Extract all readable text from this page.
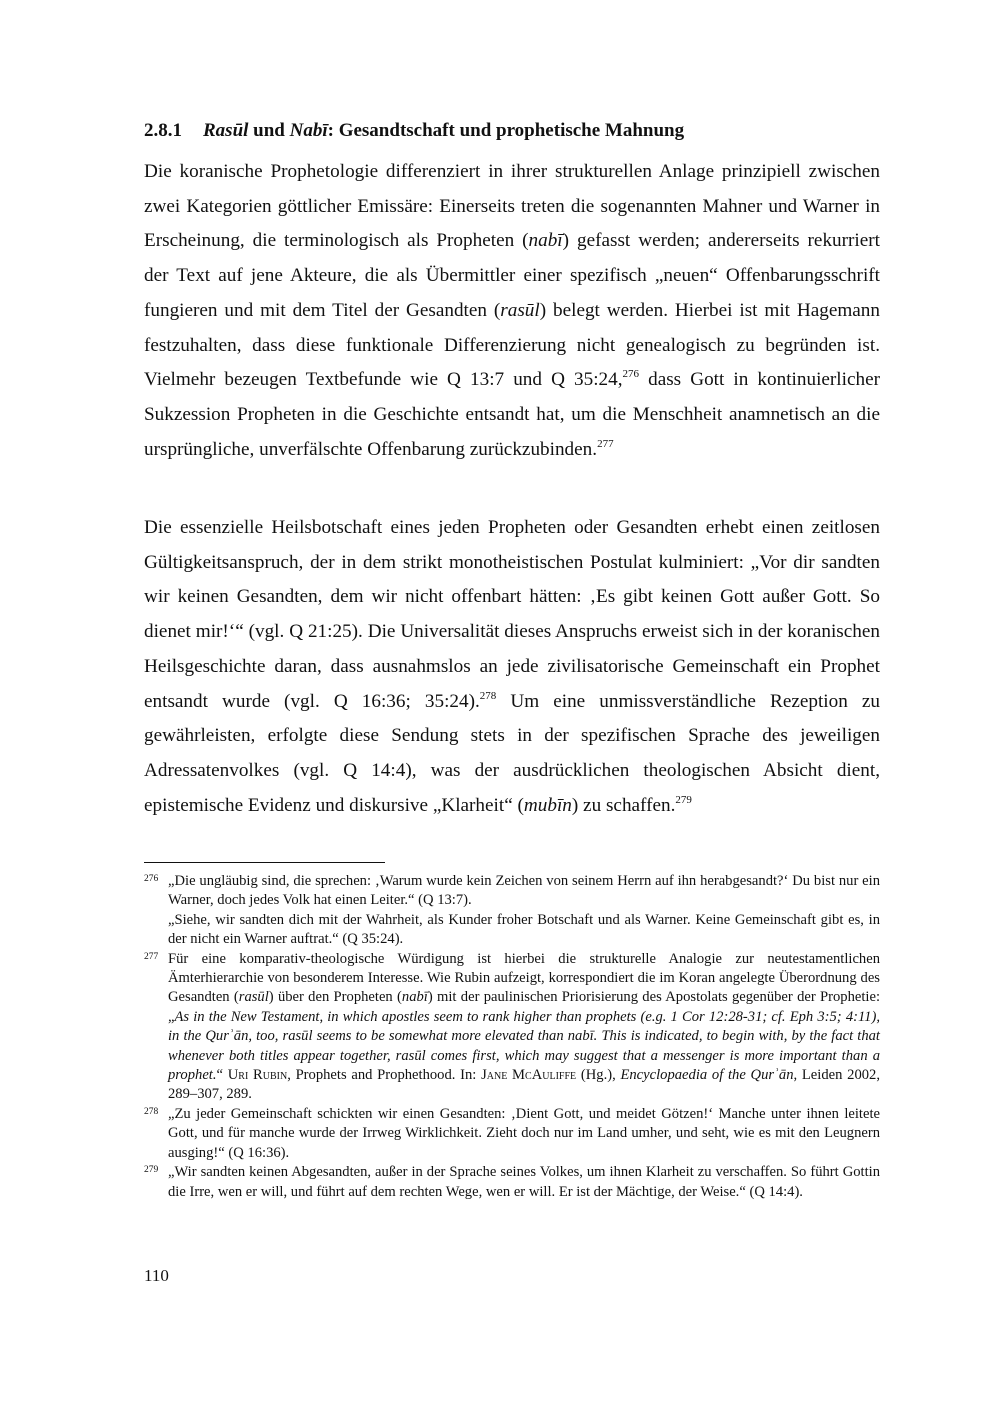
2.8.1 Rasūl und Nabī: Gesandtschaft und prophetische Mahnung

Die koranische Prophetologie differenziert in ihrer strukturellen Anlage prinzipiell zwischen zwei Kategorien göttlicher Emissäre: Einerseits treten die sogenannten Mahner und Warner in Erscheinung, die terminologisch als Propheten (nabī) gefasst werden; andererseits rekurriert der Text auf jene Akteure, die als Übermittler einer spezifisch „neuen“ Offenbarungsschrift fungieren und mit dem Titel der Gesandten (rasūl) belegt werden. Hierbei ist mit Hagemann festzuhalten, dass diese funktionale Differenzierung nicht genealogisch zu begründen ist. Vielmehr bezeugen Textbefunde wie Q 13:7 und Q 35:24,$^{276}$ dass Gott in kontinuierlicher Sukzession Propheten in die Geschichte entsandt hat, um die Menschheit anamnetisch an die ursprüngliche, unverfälschte Offenbarung zurückzubinden.$^{277}$

Die essenzielle Heilsbotschaft eines jeden Propheten oder Gesandten erhebt einen zeitlosen Gültigkeitsanspruch, der in dem strikt monotheistischen Postulat kulminiert: „Vor dir sandten wir keinen Gesandten, dem wir nicht offenbart hätten: ‚Es gibt keinen Gott außer Gott. So dienet mir!‘“ (vgl. Q 21:25). Die Universalität dieses Anspruchs erweist sich in der koranischen Heilsgeschichte daran, dass ausnahmslos an jede zivilisatorische Gemeinschaft ein Prophet entsandt wurde (vgl. Q 16:36; 35:24).$^{278}$ Um eine unmissverständliche Rezeption zu gewährleisten, erfolgte diese Sendung stets in der spezifischen Sprache des jeweiligen Adressatenvolkes (vgl. Q 14:4), was der ausdrücklichen theologischen Absicht dient, epistemische Evidenz und diskursive „Klarheit“ (mubīn) zu schaffen.$^{279}$

276 „Die ungläubig sind, die sprechen: ‚Warum wurde kein Zeichen von seinem Herrn auf ihn herabgesandt?‘ Du bist nur ein Warner, doch jedes Volk hat einen Leiter.“ (Q 13:7).
„Siehe, wir sandten dich mit der Wahrheit, als Kunder froher Botschaft und als Warner. Keine Gemeinschaft gibt es, in der nicht ein Warner auftrat.“ (Q 35:24).

277 Für eine komparativ-theologische Würdigung ist hierbei die strukturelle Analogie zur neutestamentlichen Ämterhierarchie von besonderem Interesse. Wie Rubin aufzeigt, korrespondiert die im Koran angelegte Überordnung des Gesandten (rasūl) über den Propheten (nabī) mit der paulinischen Priorisierung des Apostolats gegenüber der Prophetie: „As in the New Testament, in which apostles seem to rank higher than prophets (e.g. 1 Cor 12:28-31; cf. Eph 3:5; 4:11), in the Qurʾān, too, rasūl seems to be somewhat more elevated than nabī. This is indicated, to begin with, by the fact that whenever both titles appear together, rasūl comes first, which may suggest that a messenger is more important than a prophet.“ Uri Rubin, Prophets and Prophethood. In: Jane McAuliffe (Hg.), Encyclopaedia of the Qurʾān, Leiden 2002, 289–307, 289.

278 „Zu jeder Gemeinschaft schickten wir einen Gesandten: ‚Dient Gott, und meidet Götzen!‘ Manche unter ihnen leitete Gott, und für manche wurde der Irrweg Wirklichkeit. Zieht doch nur im Land umher, und seht, wie es mit den Leugnern ausging!“ (Q 16:36).

279 „Wir sandten keinen Abgesandten, außer in der Sprache seines Volkes, um ihnen Klarheit zu verschaffen. So führt Gottin die Irre, wen er will, und führt auf dem rechten Wege, wen er will. Er ist der Mächtige, der Weise.“ (Q 14:4).

110
